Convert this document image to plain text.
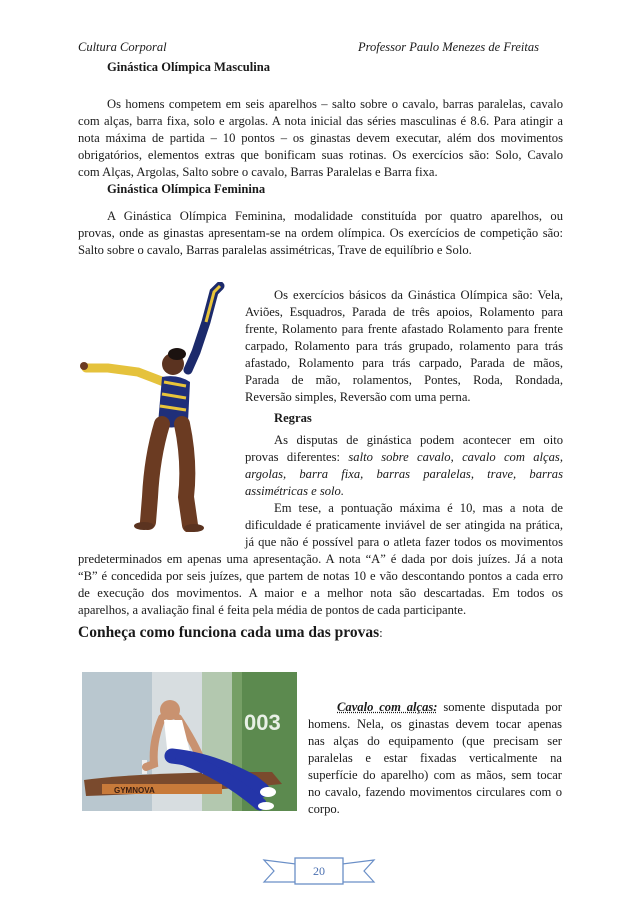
Cultura Corporal	Professor Paulo Menezes de Freitas
Ginástica Olímpica Masculina
Os homens competem em seis aparelhos – salto sobre o cavalo, barras paralelas, cavalo
com alças, barra fixa, solo e argolas. A nota inicial das séries masculinas é 8.6. Para atingir a
nota máxima de partida – 10 pontos – os ginastas devem executar, além dos movimentos
obrigatórios, elementos extras que bonificam suas rotinas. Os exercícios são: Solo, Cavalo
com Alças, Argolas, Salto sobre o cavalo, Barras Paralelas e Barra fixa.
Ginástica Olímpica Feminina
A Ginástica Olímpica Feminina, modalidade constituída por quatro aparelhos, ou
provas, onde as ginastas apresentam-se na ordem olímpica. Os exercícios de competição são:
Salto sobre o cavalo, Barras paralelas assimétricas, Trave de equilíbrio e Solo.
Os exercícios básicos da Ginástica Olímpica são: Vela,
Aviões, Esquadros, Parada de três apoios, Rolamento para
frente, Rolamento para frente afastado Rolamento para frente
carpado, Rolamento para trás grupado, rolamento para trás
afastado, Rolamento para trás carpado, Parada de mãos,
Parada de mão, rolamentos, Pontes, Roda, Rondada,
Reversão simples, Reversão com uma perna.
Regras
As disputas de ginástica podem acontecer em oito
provas diferentes: salto sobre cavalo, cavalo com alças,
argolas, barra fixa, barras paralelas, trave, barras
assimétricas e solo.
Em tese, a pontuação máxima é 10, mas a nota de
dificuldade é praticamente inviável de ser atingida na prática,
já que não é possível para o atleta fazer todos os movimentos
predeterminados em apenas uma apresentação. A nota “A” é dada por dois juízes. Já a nota
“B” é concedida por seis juízes, que partem de notas 10 e vão descontando pontos a cada erro
de execução dos movimentos. A maior e a melhor nota são descartadas. Em todos os
aparelhos, a avaliação final é feita pela média de pontos de cada participante.
Conheça como funciona cada uma das provas:
003
GYMNOVA
Cavalo com alças: somente disputada por
homens. Nela, os ginastas devem tocar apenas
nas alças do equipamento (que precisam ser
paralelas e estar fixadas verticalmente na
superfície do aparelho) com as mãos, sem tocar
no cavalo, fazendo movimentos circulares com o
corpo.
20
